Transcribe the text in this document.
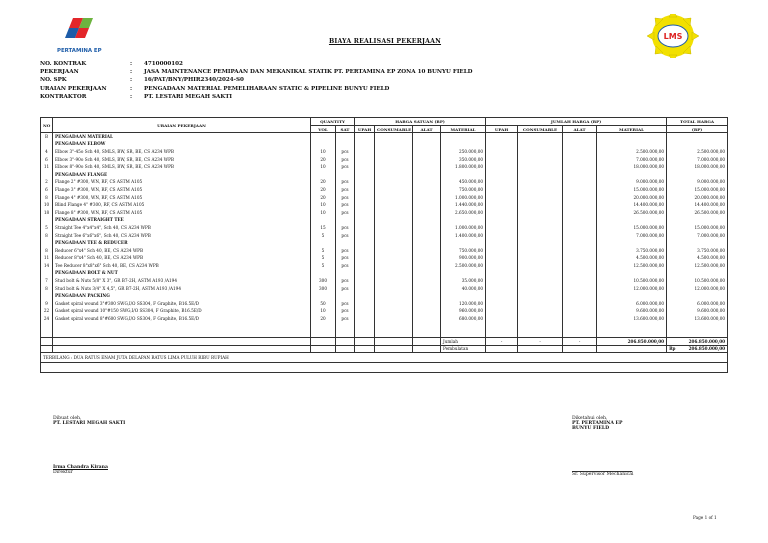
PERTAMINA EP
LMS
BIAYA REALISASI PEKERJAAN
NO. KONTRAK	:	4710000102
PEKERJAAN	:	JASA MAINTENANCE PEMIPAAN DAN MEKANIKAL STATIK PT. PERTAMINA EP ZONA 10 BUNYU FIELD
NO. SPK	:	16/PAT/BNY/PHIR2340/2024-S0
URAIAN PEKERJAAN	:	PENGADAAN MATERIAL PEMELIHARAAN STATIC & PIPELINE BUNYU FIELD
KONTRAKTOR	:	PT. LESTARI MEGAH SAKTI
NO	URAIAN PEKERJAAN	QUANTITY		HARGA SATUAN (RP)				JUMLAH HARGA (RP)				TOTAL HARGA
		VOL	SAT	UPAH	CONSUMABLE	ALAT	MATERIAL	UPAH	CONSUMABLE	ALAT	MATERIAL	(RP)
B	PENGADAAN MATERIAL											
	PENGADAAN ELBOW											
4	Elbow 3"-45o Sch 40, SMLS, BW, SR, BE, CS A234 WPB	10	pcs				250.000,00				2.500.000,00	2.500.000,00
6	Elbow 3"-90o Sch 40, SMLS, BW, SR, BE, CS A234 WPB	20	pcs				350.000,00				7.000.000,00	7.000.000,00
11	Elbow 8"-90o Sch 40, SMLS, BW, SR, BE, CS A234 WPB	10	pcs				1.800.000,00				18.000.000,00	18.000.000,00
	PENGADAAN FLANGE											
2	Flange 2" #300, WN, RF, CS ASTM A105	20	pcs				450.000,00				9.000.000,00	9.000.000,00
6	Flange 3" #300, WN, RF, CS ASTM A105	20	pcs				750.000,00				15.000.000,00	15.000.000,00
8	Flange 4" #300, WN, RF, CS ASTM A105	20	pcs				1.000.000,00				20.000.000,00	20.000.000,00
10	Blind Flange 4" #300, RF, CS ASTM A105	10	pcs				1.440.000,00				14.400.000,00	14.400.000,00
18	Flange 8" #300, WN, RF, CS ASTM A105	10	pcs				2.650.000,00				26.500.000,00	26.500.000,00
	PENGADAAN STRAIGHT TEE											
5	Straight Tee 4"x4"x4", Sch 40, CS A234 WPB	15	pcs				1.000.000,00				15.000.000,00	15.000.000,00
8	Straight Tee 6"x6"x6", Sch 40, CS A234 WPB	5	pcs				1.400.000,00				7.000.000,00	7.000.000,00
	PENGADAAN TEE & REDUCER											
8	Reducer 6"x4" Sch 40, BE, CS A234 WPB	5	pcs				750.000,00				3.750.000,00	3.750.000,00
11	Reducer 8"x4" Sch 40, BE, CS A234 WPB	5	pcs				900.000,00				4.500.000,00	4.500.000,00
14	Tee Reducer 8"x8"x6" Sch 40, BE, CS A234 WPB	5	pcs				2.500.000,00				12.500.000,00	12.500.000,00
	PENGADAAN BOLT & NUT											
7	Stud bolt & Nuts 5/8" X 3", GR B7-2H, ASTM A193 /A194	300	pcs				35.000,00				10.500.000,00	10.500.000,00
8	Stud bolt & Nuts 3/4" X 4,5", GR B7-2H, ASTM A193 /A194	300	pcs				40.000,00				12.000.000,00	12.000.000,00
	PENGADAAN PACKING											
9	Gasket spiral wound 3"#300 SWG,I/O SS304, F Graphite, B16.5E/D	50	pcs				120.000,00				6.000.000,00	6.000.000,00
22	Gasket spiral wound 10"#150 SWG,I/O SS304, F Graphite, B16.5E/D	10	pcs				960.000,00				9.600.000,00	9.600.000,00
24	Gasket spiral wound 8"#600 SWG,I/O SS304, F Graphite, B16.5E/D	20	pcs				680.000,00				13.600.000,00	13.600.000,00

							Jumlah	-	-	-	206.850.000,00	206.850.000,00
							Pembulatan					Rp 206.850.000,00

TERBILANG : DUA RATUS ENAM JUTA DELAPAN RATUS LIMA PULUH RIBU RUPIAH												

Dibuat oleh,
PT. LESTARI MEGAH SAKTI
Irma Chandra Kirana
Direktur
Diketahui oleh,
PT. PERTAMINA EP
BUNYU FIELD
Sr. Supervisor Mechanical
Page 1 of 1
